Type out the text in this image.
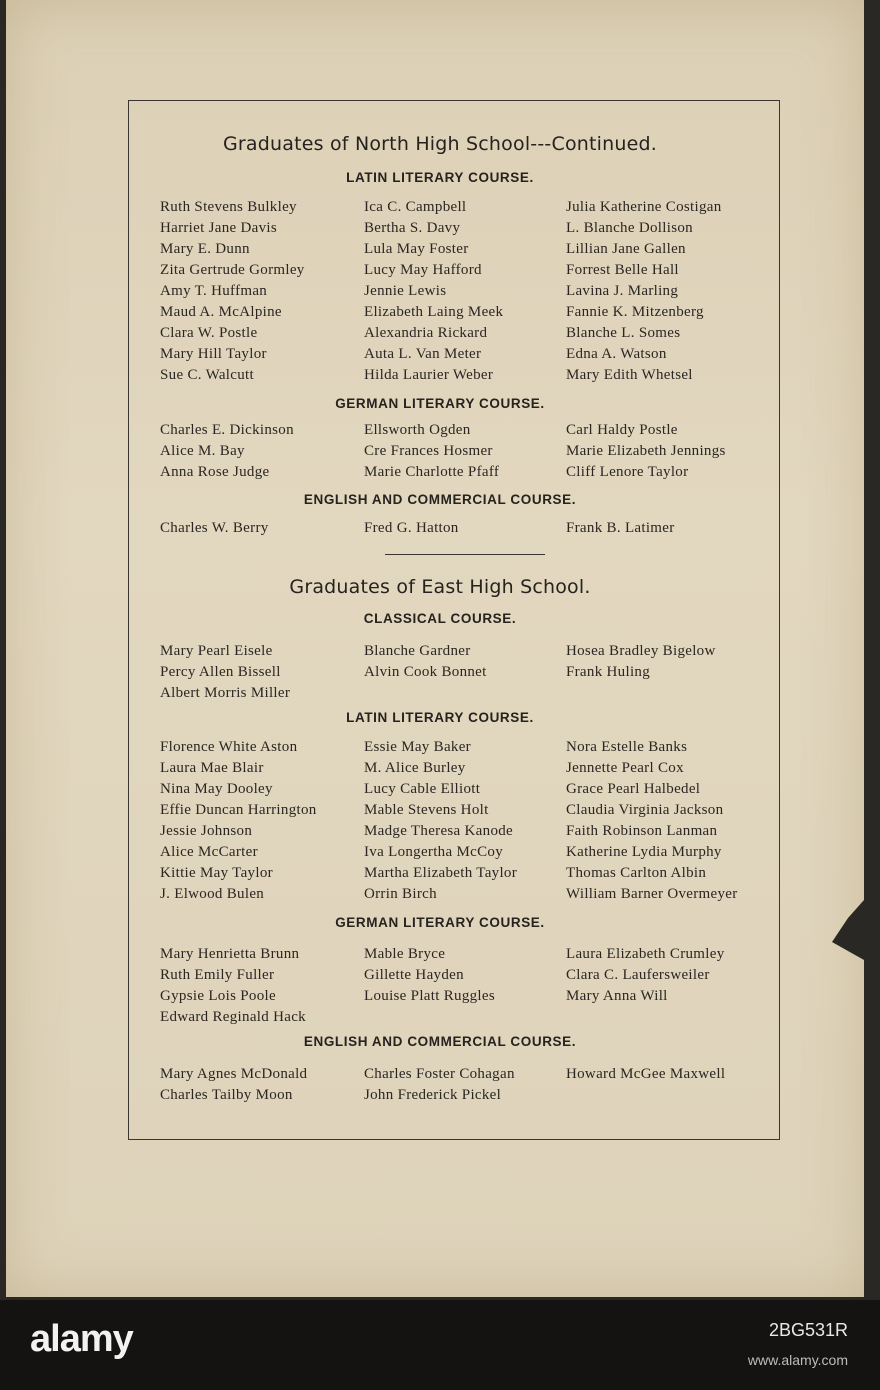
Graduates of North High School---Continued.
LATIN LITERARY COURSE.
Ruth Stevens Bulkley	Ica C. Campbell	Julia Katherine Costigan
Harriet Jane Davis	Bertha S. Davy	L. Blanche Dollison
Mary E. Dunn	Lula May Foster	Lillian Jane Gallen
Zita Gertrude Gormley	Lucy May Hafford	Forrest Belle Hall
Amy T. Huffman	Jennie Lewis	Lavina J. Marling
Maud A. McAlpine	Elizabeth Laing Meek	Fannie K. Mitzenberg
Clara W. Postle	Alexandria Rickard	Blanche L. Somes
Mary Hill Taylor	Auta L. Van Meter	Edna A. Watson
Sue C. Walcutt	Hilda Laurier Weber	Mary Edith Whetsel
GERMAN LITERARY COURSE.
Charles E. Dickinson	Ellsworth Ogden	Carl Haldy Postle
Alice M. Bay	Cre Frances Hosmer	Marie Elizabeth Jennings
Anna Rose Judge	Marie Charlotte Pfaff	Cliff Lenore Taylor
ENGLISH AND COMMERCIAL COURSE.
Charles W. Berry	Fred G. Hatton	Frank B. Latimer
Graduates of East High School.
CLASSICAL COURSE.
Mary Pearl Eisele	Blanche Gardner	Hosea Bradley Bigelow
Percy Allen Bissell	Alvin Cook Bonnet	Frank Huling
Albert Morris Miller
LATIN LITERARY COURSE.
Florence White Aston	Essie May Baker	Nora Estelle Banks
Laura Mae Blair	M. Alice Burley	Jennette Pearl Cox
Nina May Dooley	Lucy Cable Elliott	Grace Pearl Halbedel
Effie Duncan Harrington	Mable Stevens Holt	Claudia Virginia Jackson
Jessie Johnson	Madge Theresa Kanode	Faith Robinson Lanman
Alice McCarter	Iva Longertha McCoy	Katherine Lydia Murphy
Kittie May Taylor	Martha Elizabeth Taylor	Thomas Carlton Albin
J. Elwood Bulen	Orrin Birch	William Barner Overmeyer
GERMAN LITERARY COURSE.
Mary Henrietta Brunn	Mable Bryce	Laura Elizabeth Crumley
Ruth Emily Fuller	Gillette Hayden	Clara C. Laufersweiler
Gypsie Lois Poole	Louise Platt Ruggles	Mary Anna Will
Edward Reginald Hack
ENGLISH AND COMMERCIAL COURSE.
Mary Agnes McDonald	Charles Foster Cohagan	Howard McGee Maxwell
Charles Tailby Moon	John Frederick Pickel
alamy	2BG531R
www.alamy.com
